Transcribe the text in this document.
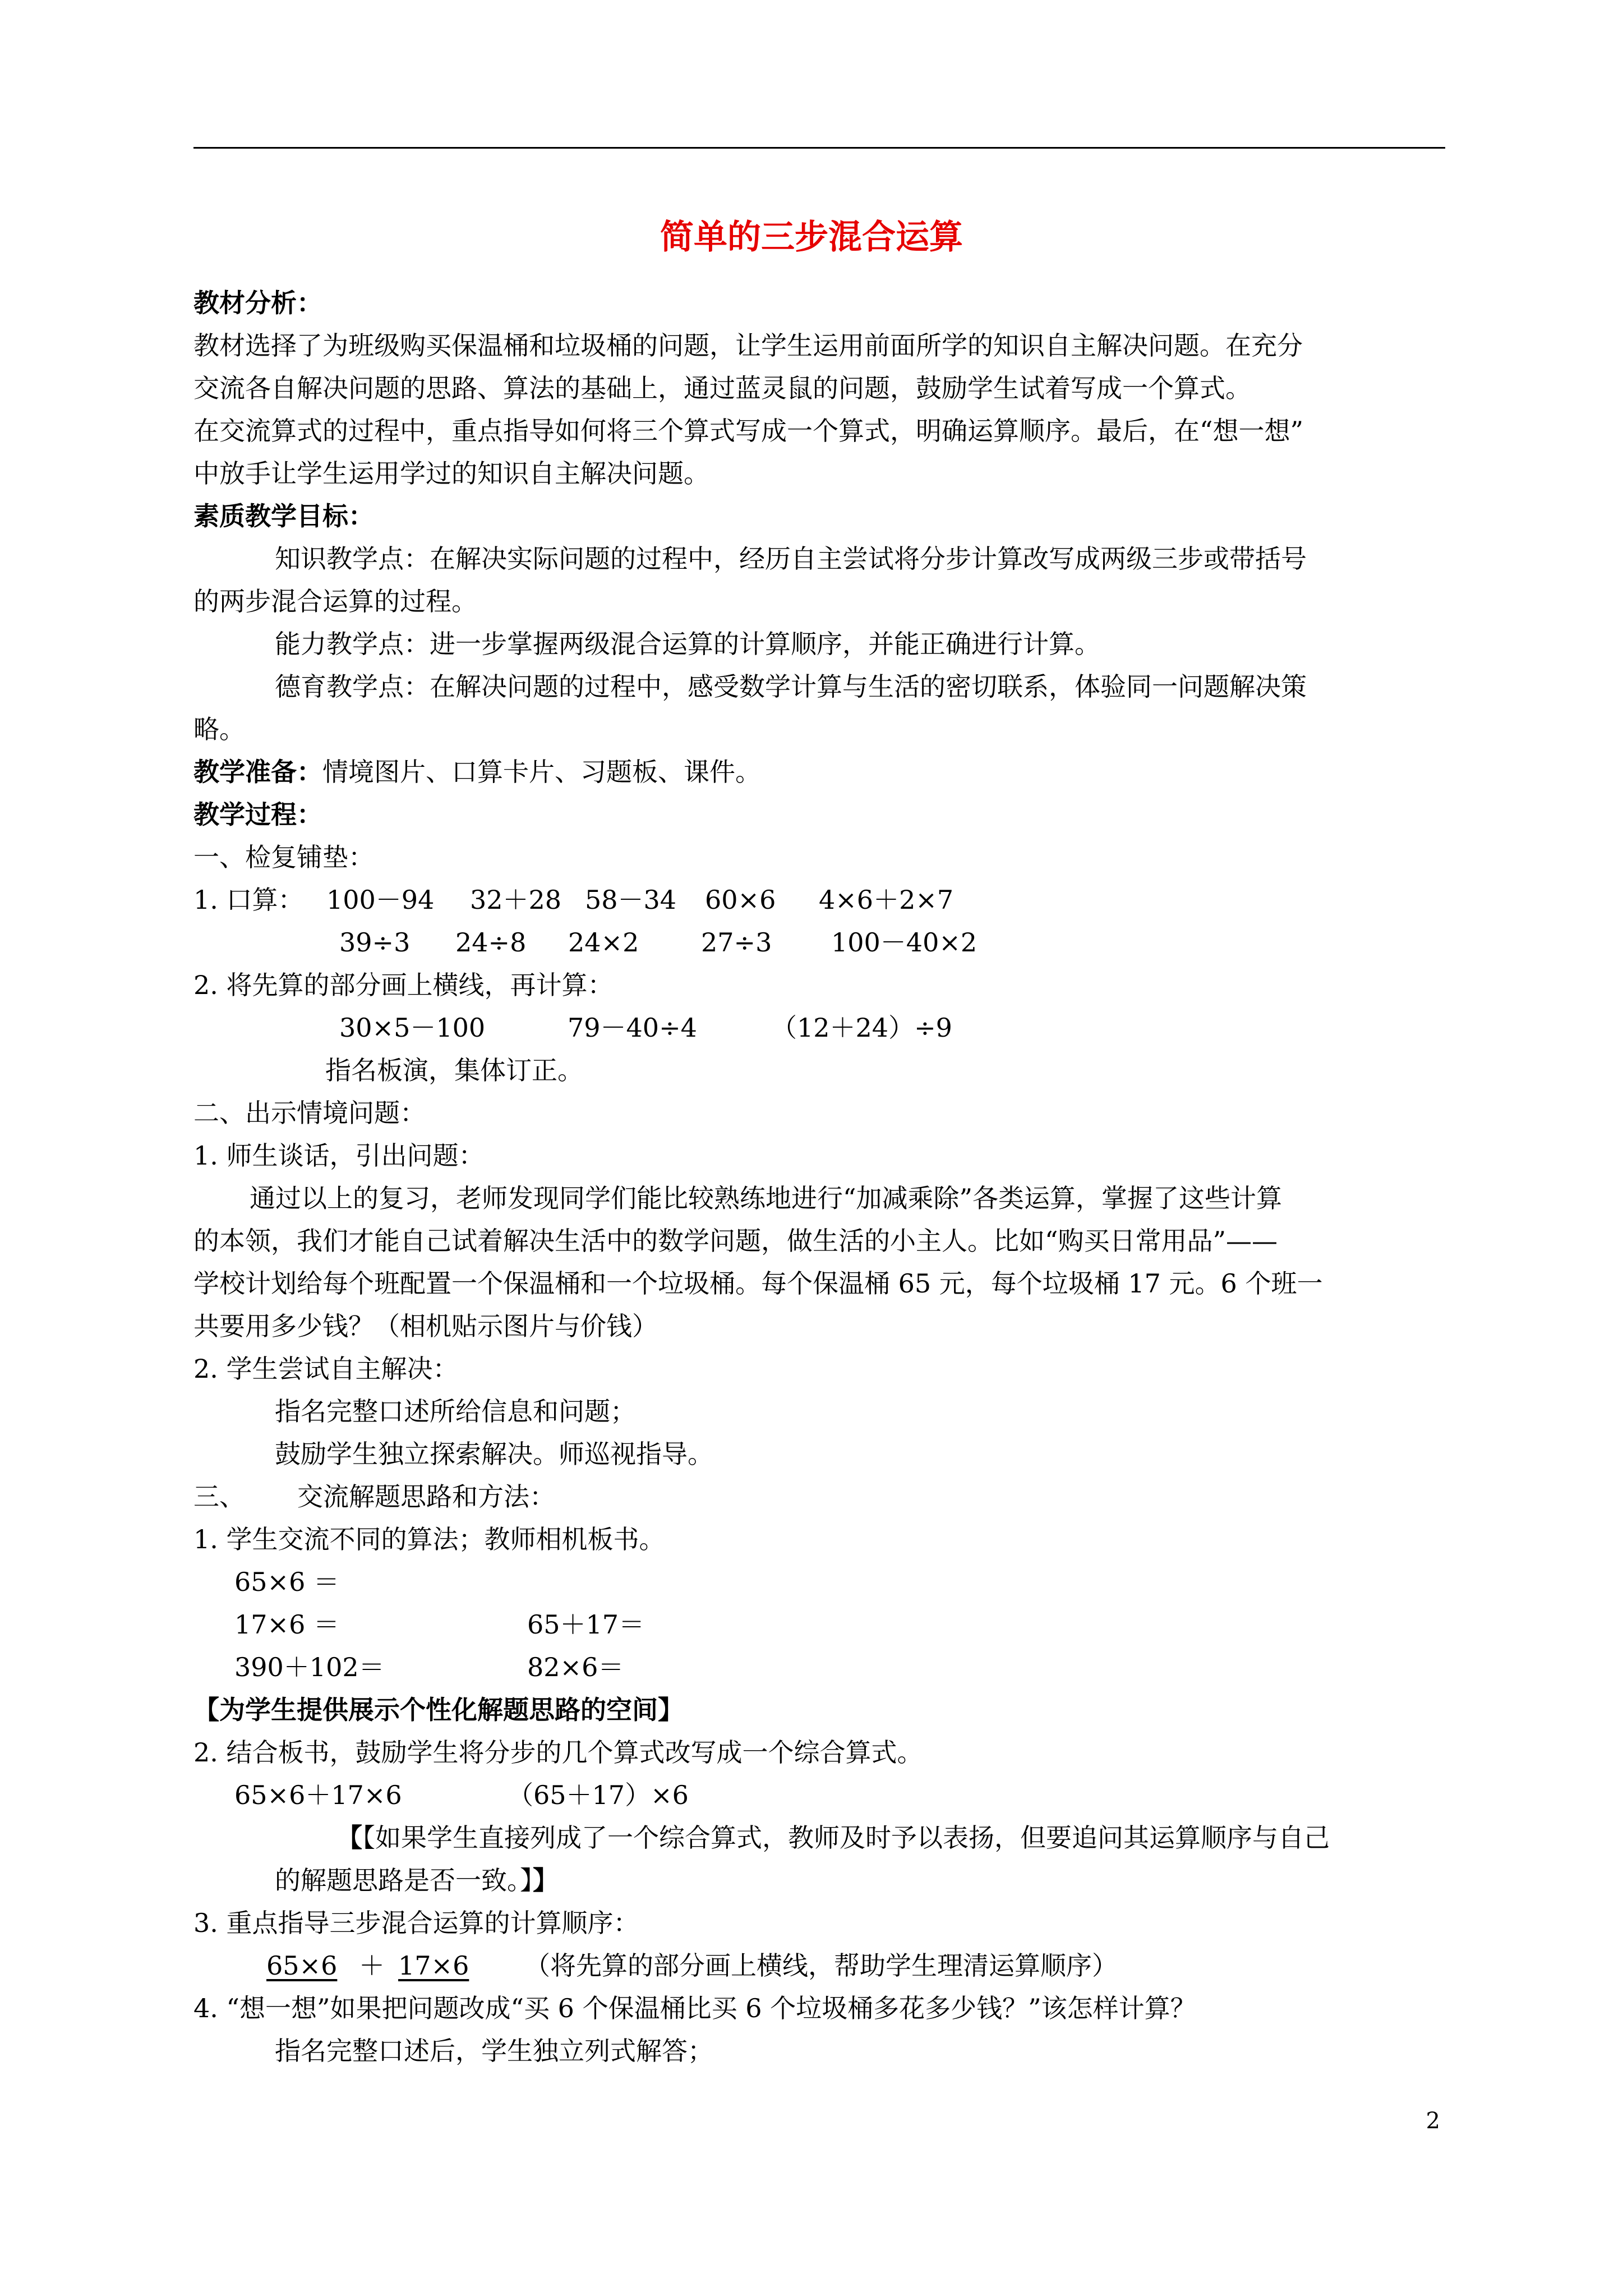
简单的三步混合运算
教材分析：
教材选择了为班级购买保温桶和垃圾桶的问题，让学生运用前面所学的知识自主解决问题。在充分
交流各自解决问题的思路、算法的基础上，通过蓝灵鼠的问题，鼓励学生试着写成一个算式。
在交流算式的过程中，重点指导如何将三个算式写成一个算式，明确运算顺序。最后，在“想一想”
中放手让学生运用学过的知识自主解决问题。
素质教学目标：
知识教学点：在解决实际问题的过程中，经历自主尝试将分步计算改写成两级三步或带括号
的两步混合运算的过程。
能力教学点：进一步掌握两级混合运算的计算顺序，并能正确进行计算。
德育教学点：在解决问题的过程中，感受数学计算与生活的密切联系，体验同一问题解决策
略。
教学准备：情境图片、口算卡片、习题板、课件。
教学过程：
一、检复铺垫：
1. 口算： 100－94 32＋28 58－34 60×6 4×6＋2×7
39÷3 24÷8 24×2 27÷3 100－40×2
2. 将先算的部分画上横线，再计算：
30×5－100	79－40÷4	（12＋24）÷9
指名板演，集体订正。
二、出示情境问题：
1. 师生谈话，引出问题：
通过以上的复习，老师发现同学们能比较熟练地进行“加减乘除”各类运算，掌握了这些计算
的本领，我们才能自己试着解决生活中的数学问题，做生活的小主人。比如“购买日常用品”——
学校计划给每个班配置一个保温桶和一个垃圾桶。每个保温桶 65 元，每个垃圾桶 17 元。6 个班一
共要用多少钱？（相机贴示图片与价钱）
2. 学生尝试自主解决：
指名完整口述所给信息和问题；
鼓励学生独立探索解决。师巡视指导。
三、 交流解题思路和方法：
1. 学生交流不同的算法；教师相机板书。
65×6 ＝
17×6 ＝	65＋17＝
390＋102＝	82×6＝
【为学生提供展示个性化解题思路的空间】
2. 结合板书，鼓励学生将分步的几个算式改写成一个综合算式。
65×6＋17×6	（65＋17）×6
【【如果学生直接列成了一个综合算式，教师及时予以表扬，但要追问其运算顺序与自己
的解题思路是否一致。】】
3. 重点指导三步混合运算的计算顺序：
65×6 ＋ 17×6 （将先算的部分画上横线，帮助学生理清运算顺序）
4. “想一想”如果把问题改成“买 6 个保温桶比买 6 个垃圾桶多花多少钱？”该怎样计算？
指名完整口述后，学生独立列式解答；
2
